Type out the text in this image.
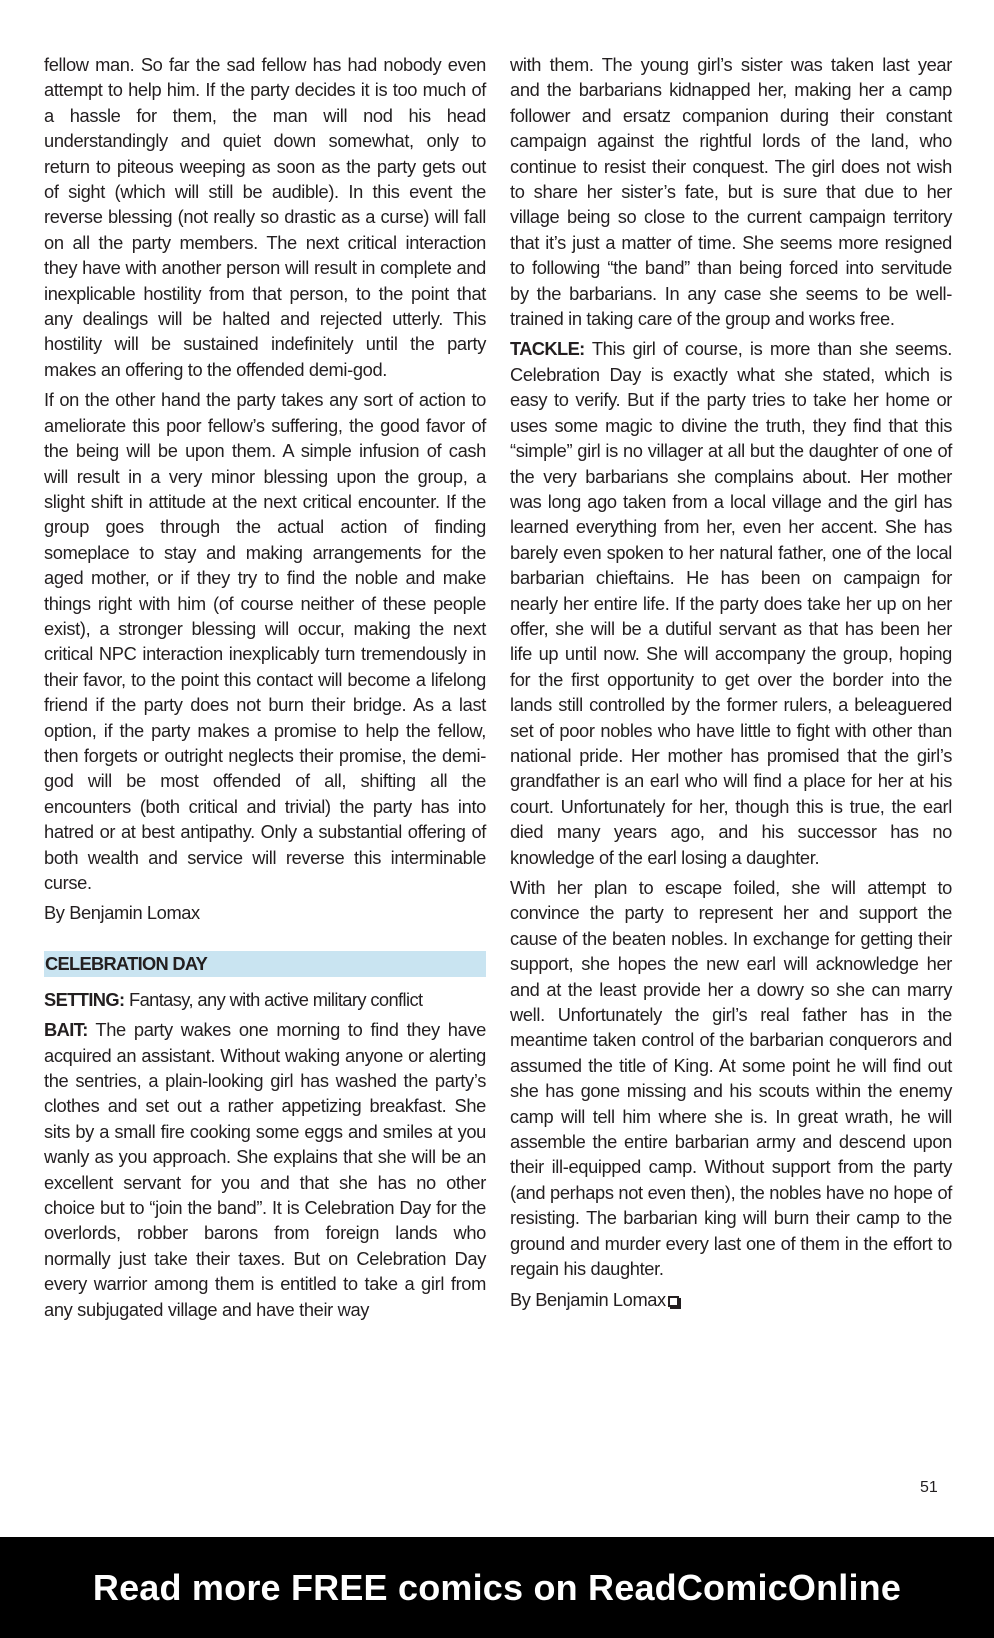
fellow man. So far the sad fellow has had nobody even attempt to help him. If the party decides it is too much of a hassle for them, the man will nod his head understandingly and quiet down somewhat, only to return to piteous weeping as soon as the party gets out of sight (which will still be audible). In this event the reverse blessing (not really so drastic as a curse) will fall on all the party members. The next critical interaction they have with another person will result in complete and inexplicable hostility from that person, to the point that any dealings will be halted and rejected utterly. This hostility will be sustained indefinitely until the party makes an offering to the offended demi-god.

If on the other hand the party takes any sort of action to ameliorate this poor fellow’s suffering, the good favor of the being will be upon them. A simple infusion of cash will result in a very minor blessing upon the group, a slight shift in attitude at the next critical encounter. If the group goes through the actual action of finding someplace to stay and making arrangements for the aged mother, or if they try to find the noble and make things right with him (of course neither of these people exist), a stronger blessing will occur, making the next critical NPC interaction inexplicably turn tremendously in their favor, to the point this contact will become a lifelong friend if the party does not burn their bridge. As a last option, if the party makes a promise to help the fellow, then forgets or outright neglects their promise, the demi-god will be most offended of all, shifting all the encounters (both critical and trivial) the party has into hatred or at best antipathy. Only a substantial offering of both wealth and service will reverse this interminable curse.

By Benjamin Lomax

CELEBRATION DAY

SETTING: Fantasy, any with active military conflict

BAIT: The party wakes one morning to find they have acquired an assistant. Without waking anyone or alerting the sentries, a plain-looking girl has washed the party’s clothes and set out a rather appetizing breakfast. She sits by a small fire cooking some eggs and smiles at you wanly as you approach. She explains that she will be an excellent servant for you and that she has no other choice but to “join the band”. It is Celebration Day for the overlords, robber barons from foreign lands who normally just take their taxes. But on Celebration Day every warrior among them is entitled to take a girl from any subjugated village and have their way

with them. The young girl’s sister was taken last year and the barbarians kidnapped her, making her a camp follower and ersatz companion during their constant campaign against the rightful lords of the land, who continue to resist their conquest. The girl does not wish to share her sister’s fate, but is sure that due to her village being so close to the current campaign territory that it’s just a matter of time. She seems more resigned to following “the band” than being forced into servitude by the barbarians. In any case she seems to be well-trained in taking care of the group and works free.

TACKLE: This girl of course, is more than she seems. Celebration Day is exactly what she stated, which is easy to verify. But if the party tries to take her home or uses some magic to divine the truth, they find that this “simple” girl is no villager at all but the daughter of one of the very barbarians she complains about. Her mother was long ago taken from a local village and the girl has learned everything from her, even her accent. She has barely even spoken to her natural father, one of the local barbarian chieftains. He has been on campaign for nearly her entire life. If the party does take her up on her offer, she will be a dutiful servant as that has been her life up until now. She will accompany the group, hoping for the first opportunity to get over the border into the lands still controlled by the former rulers, a beleaguered set of poor nobles who have little to fight with other than national pride. Her mother has promised that the girl’s grandfather is an earl who will find a place for her at his court. Unfortunately for her, though this is true, the earl died many years ago, and his successor has no knowledge of the earl losing a daughter.

With her plan to escape foiled, she will attempt to convince the party to represent her and support the cause of the beaten nobles. In exchange for getting their support, she hopes the new earl will acknowledge her and at the least provide her a dowry so she can marry well. Unfortunately the girl’s real father has in the meantime taken control of the barbarian conquerors and assumed the title of King. At some point he will find out she has gone missing and his scouts within the enemy camp will tell him where she is. In great wrath, he will assemble the entire barbarian army and descend upon their ill-equipped camp. Without support from the party (and perhaps not even then), the nobles have no hope of resisting. The barbarian king will burn their camp to the ground and murder every last one of them in the effort to regain his daughter.

By Benjamin Lomax

51
Read more FREE comics on ReadComicOnline
